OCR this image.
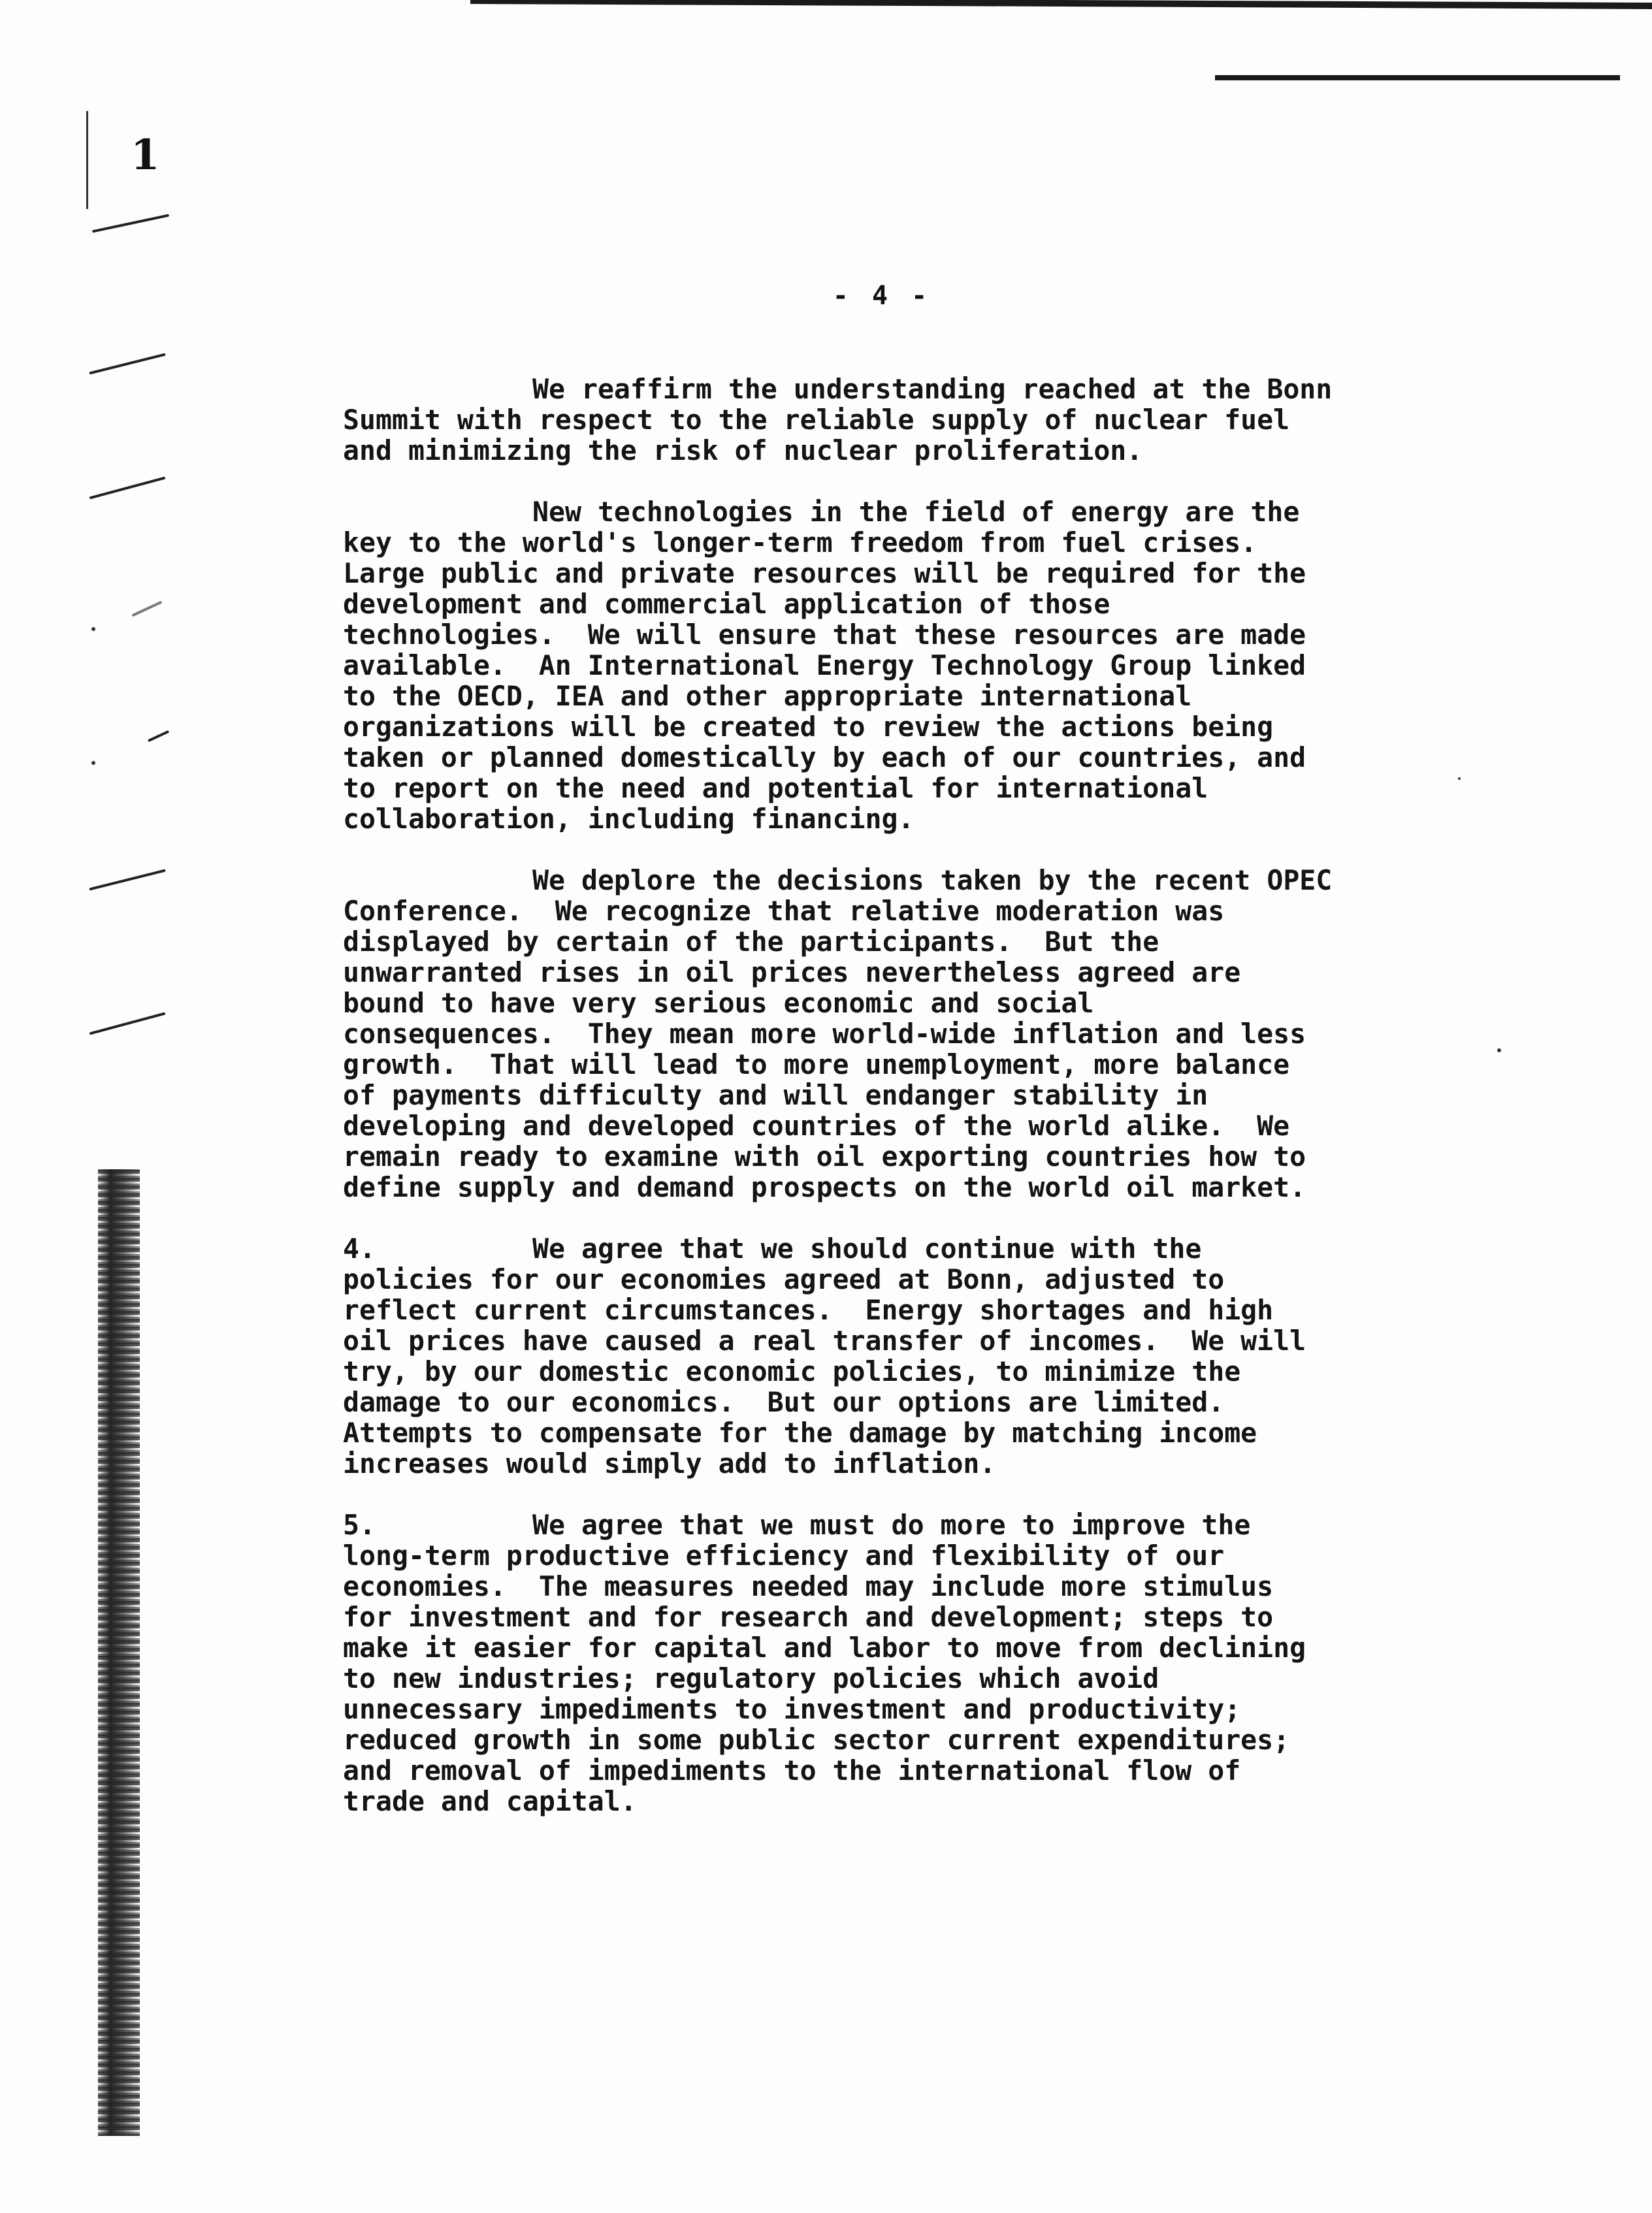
1
- 4 -
We reaffirm the understanding reached at the Bonn
Summit with respect to the reliable supply of nuclear fuel
and minimizing the risk of nuclear proliferation.
New technologies in the field of energy are the
key to the world's longer-term freedom from fuel crises.
Large public and private resources will be required for the
development and commercial application of those
technologies.  We will ensure that these resources are made
available.  An International Energy Technology Group linked
to the OECD, IEA and other appropriate international
organizations will be created to review the actions being
taken or planned domestically by each of our countries, and
to report on the need and potential for international
collaboration, including financing.
We deplore the decisions taken by the recent OPEC
Conference.  We recognize that relative moderation was
displayed by certain of the participants.  But the
unwarranted rises in oil prices nevertheless agreed are
bound to have very serious economic and social
consequences.  They mean more world-wide inflation and less
growth.  That will lead to more unemployment, more balance
of payments difficulty and will endanger stability in
developing and developed countries of the world alike.  We
remain ready to examine with oil exporting countries how to
define supply and demand prospects on the world oil market.
4.	We agree that we should continue with the
policies for our economies agreed at Bonn, adjusted to
reflect current circumstances.  Energy shortages and high
oil prices have caused a real transfer of incomes.  We will
try, by our domestic economic policies, to minimize the
damage to our economics.  But our options are limited.
Attempts to compensate for the damage by matching income
increases would simply add to inflation.
5.	We agree that we must do more to improve the
long-term productive efficiency and flexibility of our
economies.  The measures needed may include more stimulus
for investment and for research and development; steps to
make it easier for capital and labor to move from declining
to new industries; regulatory policies which avoid
unnecessary impediments to investment and productivity;
reduced growth in some public sector current expenditures;
and removal of impediments to the international flow of
trade and capital.
